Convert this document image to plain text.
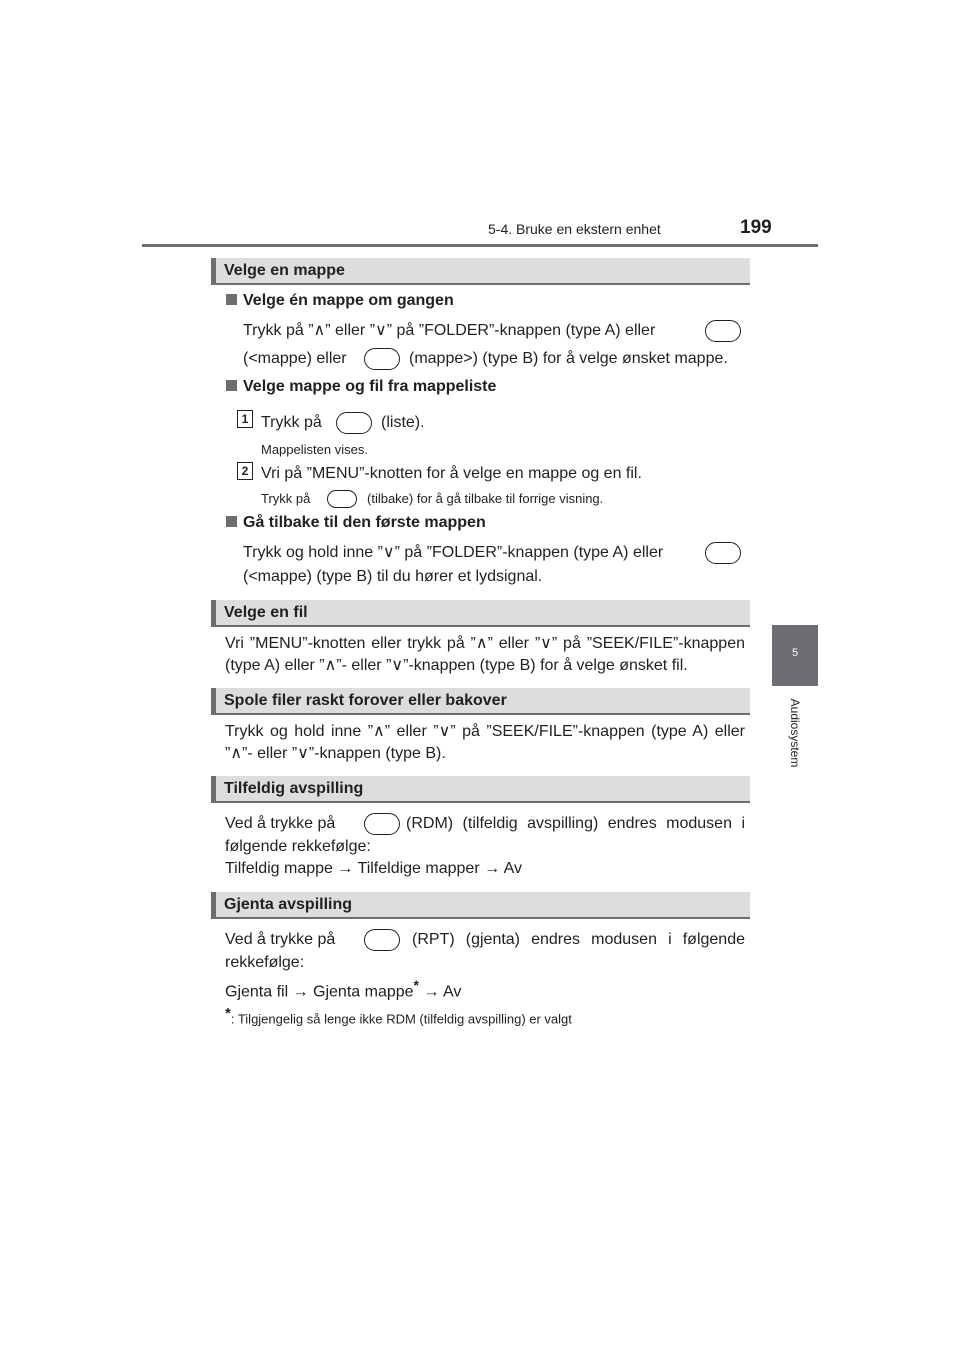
5-4. Bruke en ekstern enhet	199
5
Audiosystem
Velge en mappe
Velge én mappe om gangen
Trykk på ”∧” eller ”∨” på ”FOLDER”-knappen (type A) eller
(<mappe) eller	(mappe>) (type B) for å velge ønsket mappe.
Velge mappe og fil fra mappeliste
1 Trykk på	(liste).
Mappelisten vises.
2 Vri på ”MENU”-knotten for å velge en mappe og en fil.
Trykk på	(tilbake) for å gå tilbake til forrige visning.
Gå tilbake til den første mappen
Trykk og hold inne ”∨” på ”FOLDER”-knappen (type A) eller
(<mappe) (type B) til du hører et lydsignal.
Velge en fil
Vri ”MENU”-knotten eller trykk på ”∧” eller ”∨” på ”SEEK/FILE”-knappen (type A) eller ”∧”- eller ”∨”-knappen (type B) for å velge ønsket fil.
Spole filer raskt forover eller bakover
Trykk og hold inne ”∧” eller ”∨” på ”SEEK/FILE”-knappen (type A) eller ”∧”- eller ”∨”-knappen (type B).
Tilfeldig avspilling
Ved å trykke på	(RDM) (tilfeldig avspilling) endres modusen i
følgende rekkefølge:
Tilfeldig mappe → Tilfeldige mapper → Av
Gjenta avspilling
Ved å trykke på	(RPT) (gjenta) endres modusen i følgende
rekkefølge:
Gjenta fil → Gjenta mappe* → Av
*: Tilgjengelig så lenge ikke RDM (tilfeldig avspilling) er valgt
